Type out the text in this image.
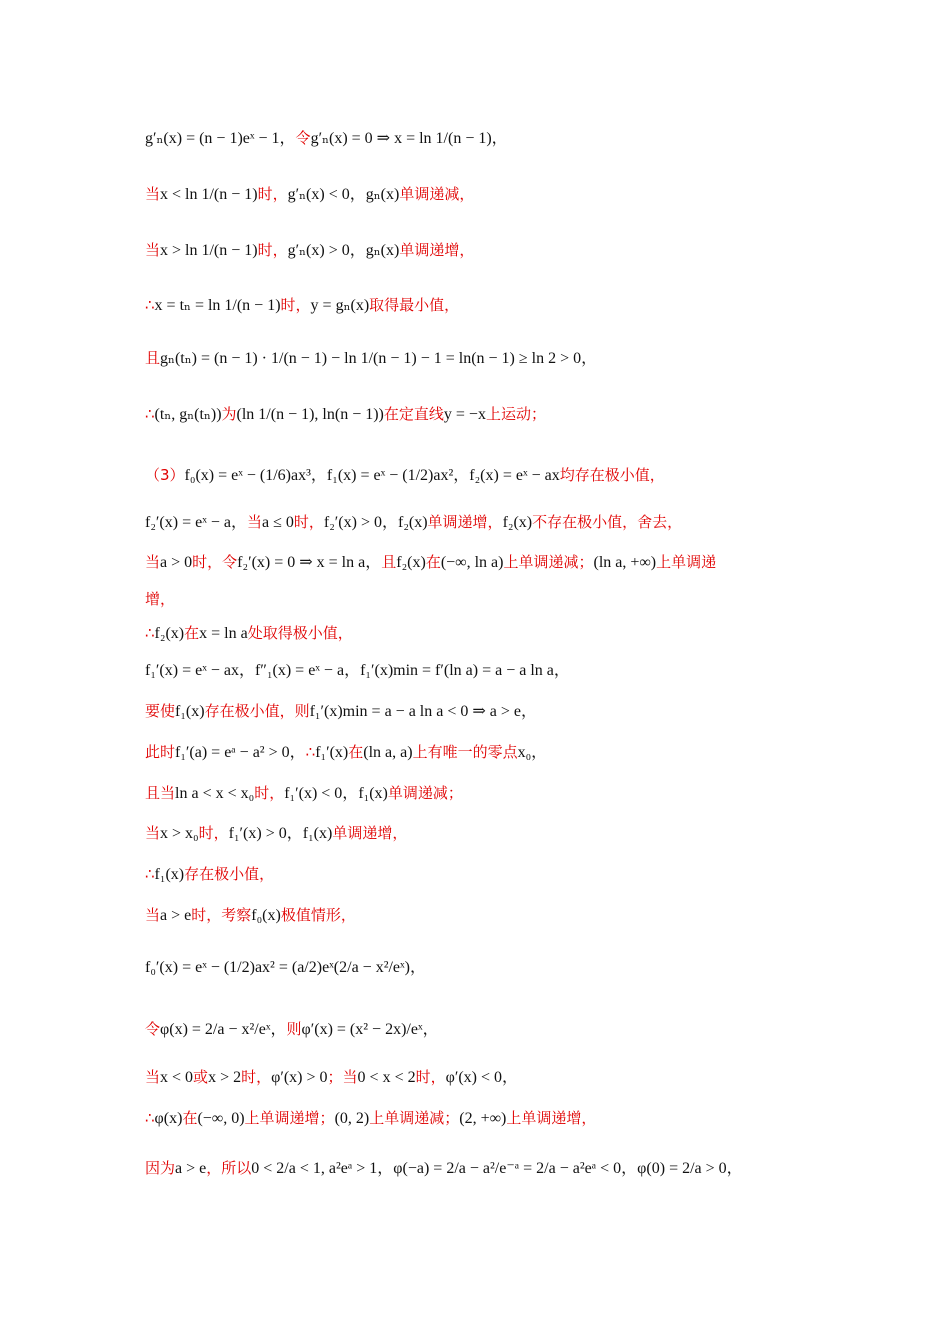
g′ₙ(x) = (n − 1)eˣ − 1，令g′ₙ(x) = 0 ⇒ x = ln 1/(n − 1)，
当x < ln 1/(n − 1)时，g′ₙ(x) < 0，gₙ(x)单调递减，
当x > ln 1/(n − 1)时，g′ₙ(x) > 0，gₙ(x)单调递增，
∴x = tₙ = ln 1/(n − 1)时，y = gₙ(x)取得最小值，
且gₙ(tₙ) = (n − 1) · 1/(n − 1) − ln 1/(n − 1) − 1 = ln(n − 1) ≥ ln 2 > 0，
∴(tₙ, gₙ(tₙ))为(ln 1/(n − 1), ln(n − 1))在定直线y = −x上运动；
（3）f₀(x) = eˣ − (1/6)ax³，f₁(x) = eˣ − (1/2)ax²，f₂(x) = eˣ − ax均存在极小值，
f₂′(x) = eˣ − a，当a ≤ 0时，f₂′(x) > 0，f₂(x)单调递增，f₂(x)不存在极小值，舍去，
当a > 0时，令f₂′(x) = 0 ⇒ x = ln a，且f₂(x)在(−∞, ln a)上单调递减；(ln a, +∞)上单调递
增，
∴f₂(x)在x = ln a处取得极小值，
f₁′(x) = eˣ − ax，f″₁(x) = eˣ − a，f₁′(x)min = f′(ln a) = a − a ln a，
要使f₁(x)存在极小值，则f₁′(x)min = a − a ln a < 0 ⇒ a > e，
此时f₁′(a) = eᵃ − a² > 0，∴f₁′(x)在(ln a, a)上有唯一的零点x₀，
且当ln a < x < x₀时，f₁′(x) < 0，f₁(x)单调递减；
当x > x₀时，f₁′(x) > 0，f₁(x)单调递增，
∴f₁(x)存在极小值，
当a > e时，考察f₀(x)极值情形，
f₀′(x) = eˣ − (1/2)ax² = (a/2)eˣ(2/a − x²/eˣ)，
令φ(x) = 2/a − x²/eˣ，则φ′(x) = (x² − 2x)/eˣ，
当x < 0或x > 2时，φ′(x) > 0；当0 < x < 2时，φ′(x) < 0，
∴φ(x)在(−∞, 0)上单调递增；(0, 2)上单调递减；(2, +∞)上单调递增，
因为a > e，所以0 < 2/a < 1, a²eᵃ > 1，φ(−a) = 2/a − a²/e⁻ᵃ = 2/a − a²eᵃ < 0，φ(0) = 2/a > 0，
